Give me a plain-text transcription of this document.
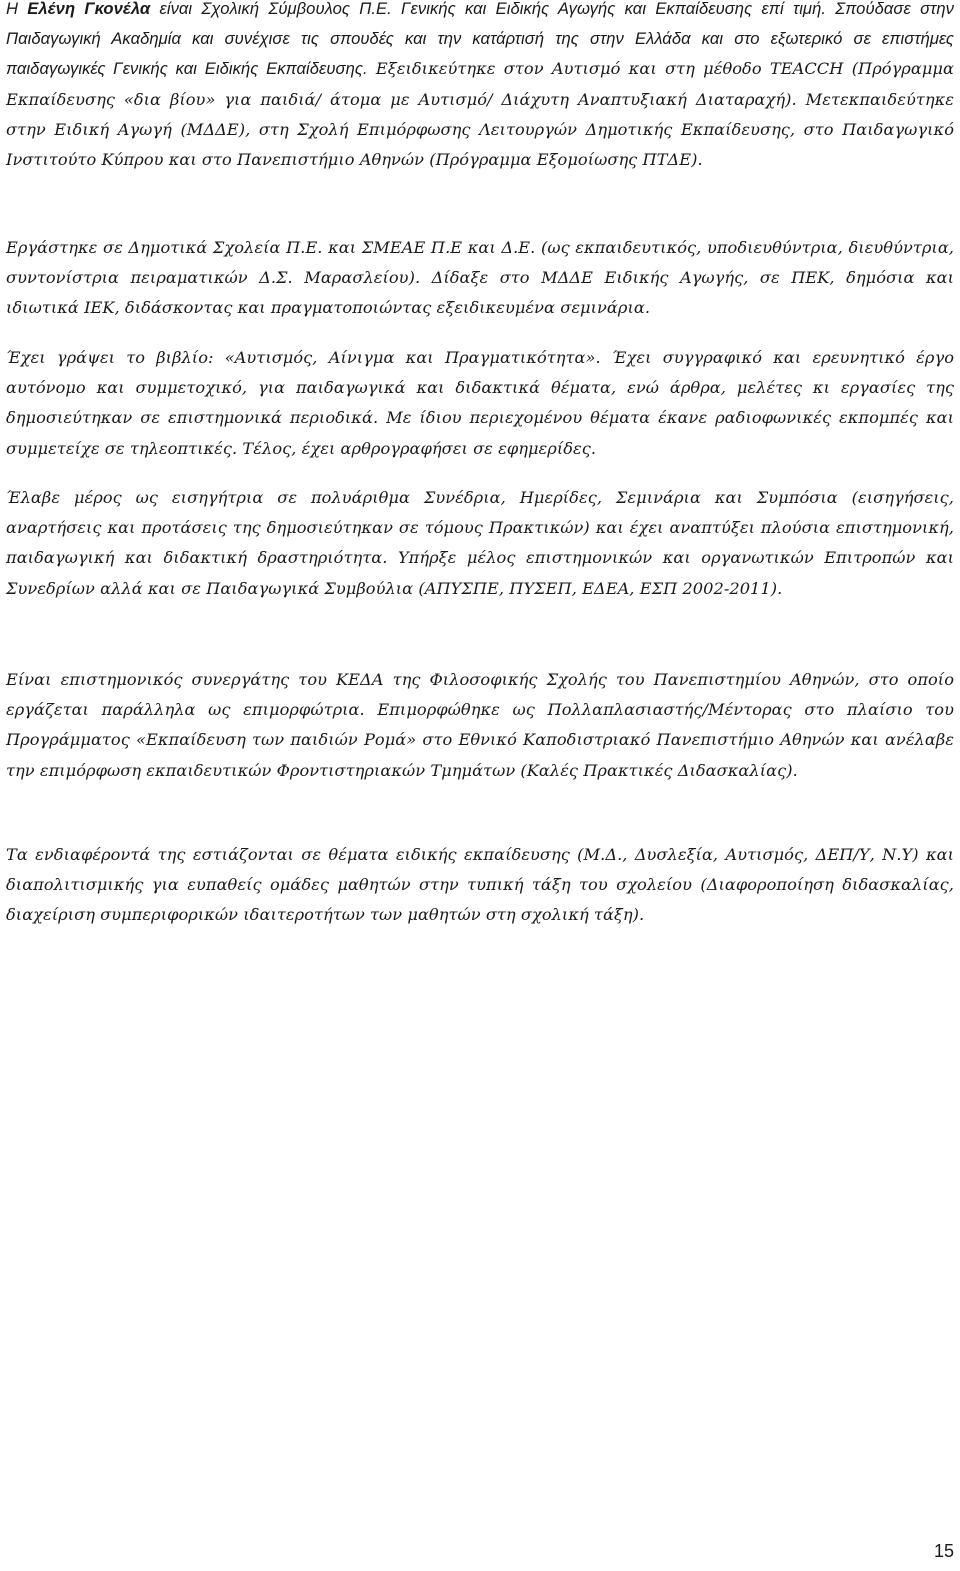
Η Ελένη Γκονέλα είναι Σχολική Σύμβουλος Π.Ε. Γενικής και Ειδικής Αγωγής και Εκπαίδευσης επί τιμή. Σπούδασε στην Παιδαγωγική Ακαδημία και συνέχισε τις σπουδές και την κατάρτισή της στην Ελλάδα και στο εξωτερικό σε επιστήμες παιδαγωγικές Γενικής και Ειδικής Εκπαίδευσης. Εξειδικεύτηκε στον Αυτισμό και στη μέθοδο TEACCH (Πρόγραμμα Εκπαίδευσης «δια βίου» για παιδιά/ άτομα με Αυτισμό/ Διάχυτη Αναπτυξιακή Διαταραχή). Μετεκπαιδεύτηκε στην Ειδική Αγωγή (ΜΔΔΕ), στη Σχολή Επιμόρφωσης Λειτουργών Δημοτικής Εκπαίδευσης, στο Παιδαγωγικό Ινστιτούτο Κύπρου και στο Πανεπιστήμιο Αθηνών (Πρόγραμμα Εξομοίωσης ΠΤΔΕ).

Εργάστηκε σε Δημοτικά Σχολεία Π.Ε. και ΣΜΕΑΕ Π.Ε και Δ.Ε. (ως εκπαιδευτικός, υποδιευθύντρια, διευθύντρια, συντονίστρια πειραματικών Δ.Σ. Μαρασλείου). Δίδαξε στο ΜΔΔΕ Ειδικής Αγωγής, σε ΠΕΚ, δημόσια και ιδιωτικά ΙΕΚ, διδάσκοντας και πραγματοποιώντας εξειδικευμένα σεμινάρια.

Έχει γράψει το βιβλίο: «Αυτισμός, Αίνιγμα και Πραγματικότητα». Έχει συγγραφικό και ερευνητικό έργο αυτόνομο και συμμετοχικό, για παιδαγωγικά και διδακτικά θέματα, ενώ άρθρα, μελέτες κι εργασίες της δημοσιεύτηκαν σε επιστημονικά περιοδικά. Με ίδιου περιεχομένου θέματα έκανε ραδιοφωνικές εκπομπές και συμμετείχε σε τηλεοπτικές. Τέλος, έχει αρθρογραφήσει σε εφημερίδες.

Έλαβε μέρος ως εισηγήτρια σε πολυάριθμα Συνέδρια, Ημερίδες, Σεμινάρια και Συμπόσια (εισηγήσεις, αναρτήσεις και προτάσεις της δημοσιεύτηκαν σε τόμους Πρακτικών) και έχει αναπτύξει πλούσια επιστημονική, παιδαγωγική και διδακτική δραστηριότητα. Υπήρξε μέλος επιστημονικών και οργανωτικών Επιτροπών και Συνεδρίων αλλά και σε Παιδαγωγικά Συμβούλια (ΑΠΥΣΠΕ, ΠΥΣΕΠ, ΕΔΕΑ, ΕΣΠ 2002-2011).

Είναι επιστημονικός συνεργάτης του ΚΕΔΑ της Φιλοσοφικής Σχολής του Πανεπιστημίου Αθηνών, στο οποίο εργάζεται παράλληλα ως επιμορφώτρια. Επιμορφώθηκε ως Πολλαπλασιαστής/Μέντορας στο πλαίσιο του Προγράμματος «Εκπαίδευση των παιδιών Ρομά» στο Εθνικό Καποδιστριακό Πανεπιστήμιο Αθηνών και ανέλαβε την επιμόρφωση εκπαιδευτικών Φροντιστηριακών Τμημάτων (Καλές Πρακτικές Διδασκαλίας).

Τα ενδιαφέροντά της εστιάζονται σε θέματα ειδικής εκπαίδευσης (Μ.Δ., Δυσλεξία, Αυτισμός, ΔΕΠ/Υ, Ν.Υ) και διαπολιτισμικής για ευπαθείς ομάδες μαθητών στην τυπική τάξη του σχολείου (Διαφοροποίηση διδασκαλίας, διαχείριση συμπεριφορικών ιδαιτεροτήτων των μαθητών στη σχολική τάξη).

15
